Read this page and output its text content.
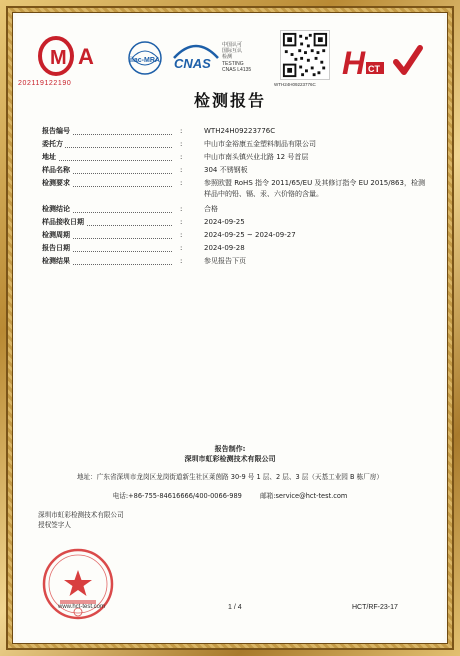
M A
202119122190
ilac-MRA CNAS
中国认可
国际互认
检测
TESTING
CNAS L4135
WTH24H09223776C
H CT
检测报告
报告编号	:	WTH24H09223776C
委托方	:	中山市金裕康五金塑料制品有限公司
地址	:	中山市南头镇兴业北路 12 号首层
样品名称	:	304 不锈钢板
检测要求	:	参照欧盟 RoHS 指令 2011/65/EU 及其修订指令 EU 2015/863，检测样品中的铅、镉、汞、六价铬的含量。
检测结论	:	合格
样品接收日期	:	2024-09-25
检测周期	:	2024-09-25 ~ 2024-09-27
报告日期	:	2024-09-28
检测结果	:	参见报告下页
报告制作:
深圳市虹彩检测技术有限公司
地址：广东省深圳市龙岗区龙岗街道新生社区莱茵路 30-9 号 1 层、2 层、3 层（天基工业园 B 栋厂房）
电话:+86-755-84616666/400-0066-989	邮箱:service@hct-test.com
深圳市虹彩检测技术有限公司
授权签字人
www.hct-test.com	1 / 4	HCT/RF-23-17
